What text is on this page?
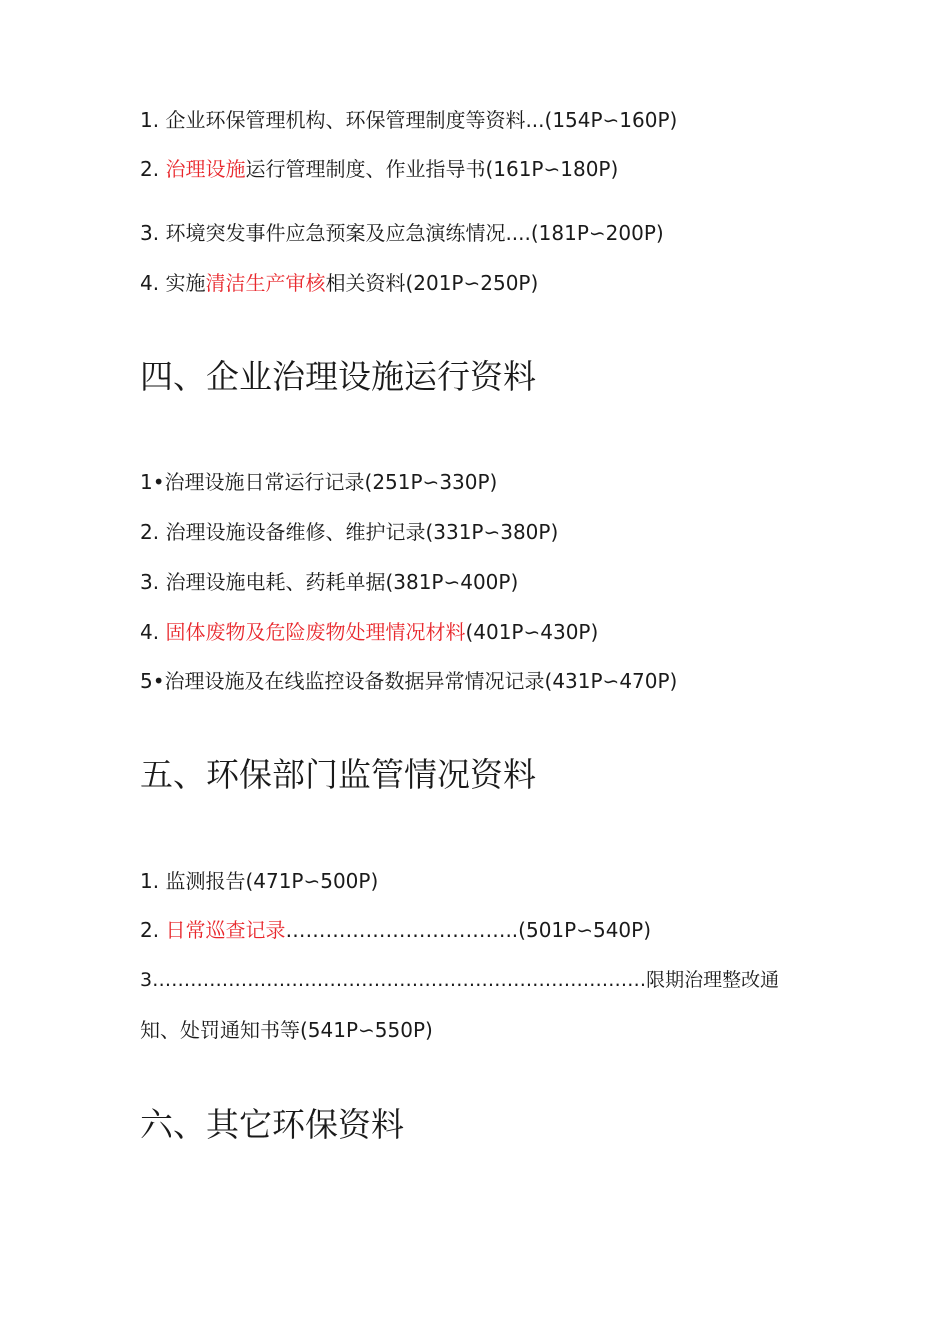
1. 企业环保管理机构、环保管理制度等资料...(154P∽160P)
2. 治理设施运行管理制度、作业指导书(161P∽180P)
3. 环境突发事件应急预案及应急演练情况....(181P∽200P)
4. 实施清洁生产审核相关资料(201P∽250P)
四、企业治理设施运行资料
1•治理设施日常运行记录(251P∽330P)
2. 治理设施设备维修、维护记录(331P∽380P)
3. 治理设施电耗、药耗单据(381P∽400P)
4. 固体废物及危险废物处理情况材料(401P∽430P)
5•治理设施及在线监控设备数据异常情况记录(431P∽470P)
五、环保部门监管情况资料
1. 监测报告(471P∽500P)
2. 日常巡查记录……………………………..(501P∽540P)
3……………………………………………………………………限期治理整改通
知、处罚通知书等(541P∽550P)
六、其它环保资料
